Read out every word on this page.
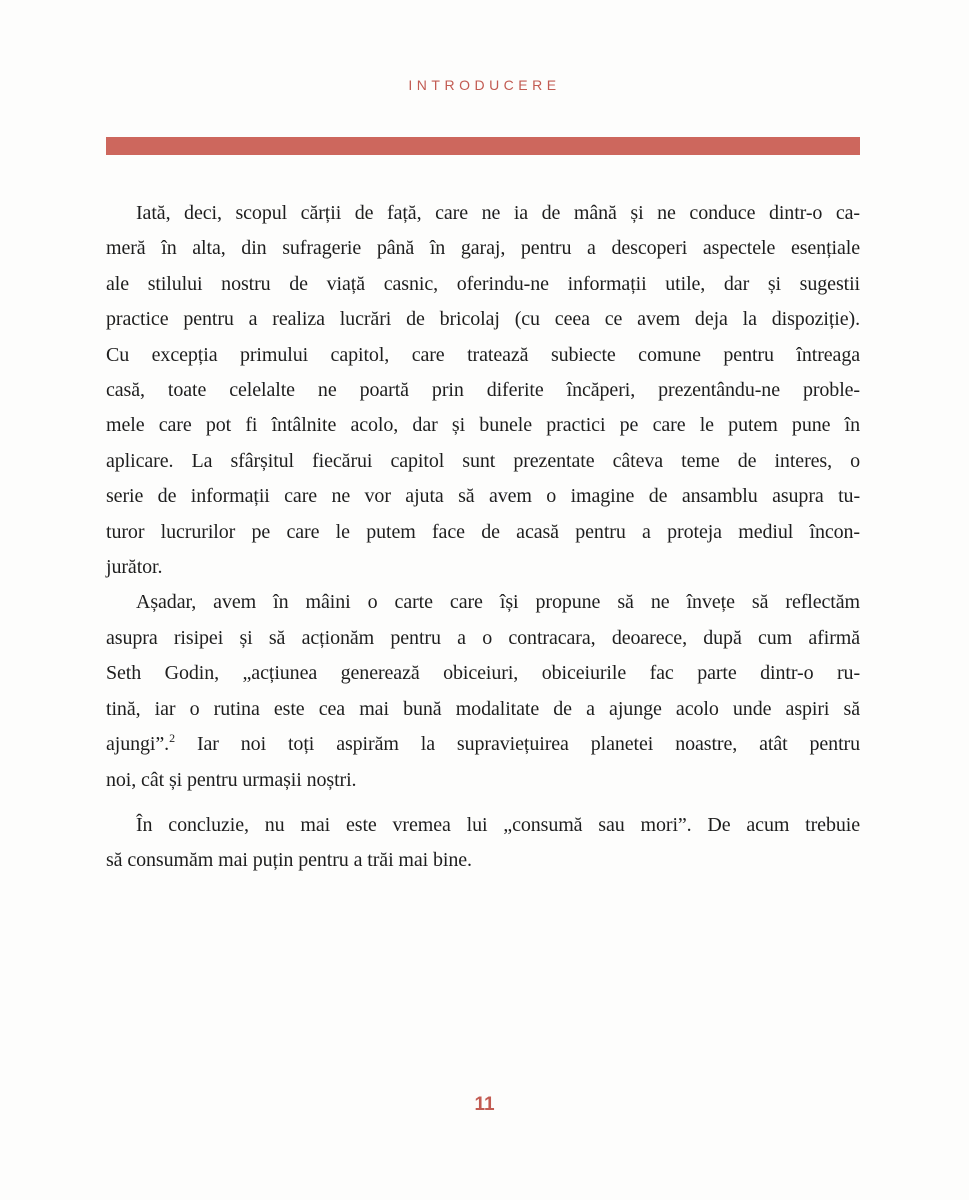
INTRODUCERE
Iată, deci, scopul cărții de față, care ne ia de mână și ne conduce dintr-o ca-
meră în alta, din sufragerie până în garaj, pentru a descoperi aspectele esențiale
ale stilului nostru de viață casnic, oferindu-ne informații utile, dar și sugestii
practice pentru a realiza lucrări de bricolaj (cu ceea ce avem deja la dispoziție).
Cu excepția primului capitol, care tratează subiecte comune pentru întreaga
casă, toate celelalte ne poartă prin diferite încăperi, prezentându-ne proble-
mele care pot fi întâlnite acolo, dar și bunele practici pe care le putem pune în
aplicare. La sfârșitul fiecărui capitol sunt prezentate câteva teme de interes, o
serie de informații care ne vor ajuta să avem o imagine de ansamblu asupra tu-
turor lucrurilor pe care le putem face de acasă pentru a proteja mediul încon-
jurător.
Așadar, avem în mâini o carte care își propune să ne învețe să reflectăm
asupra risipei și să acționăm pentru a o contracara, deoarece, după cum afirmă
Seth Godin, „acțiunea generează obiceiuri, obiceiurile fac parte dintr-o ru-
tină, iar o rutina este cea mai bună modalitate de a ajunge acolo unde aspiri să
ajungi”.$^2$ Iar noi toți aspirăm la supraviețuirea planetei noastre, atât pentru
noi, cât și pentru urmașii noștri.
În concluzie, nu mai este vremea lui „consumă sau mori”. De acum trebuie
să consumăm mai puțin pentru a trăi mai bine.
11
